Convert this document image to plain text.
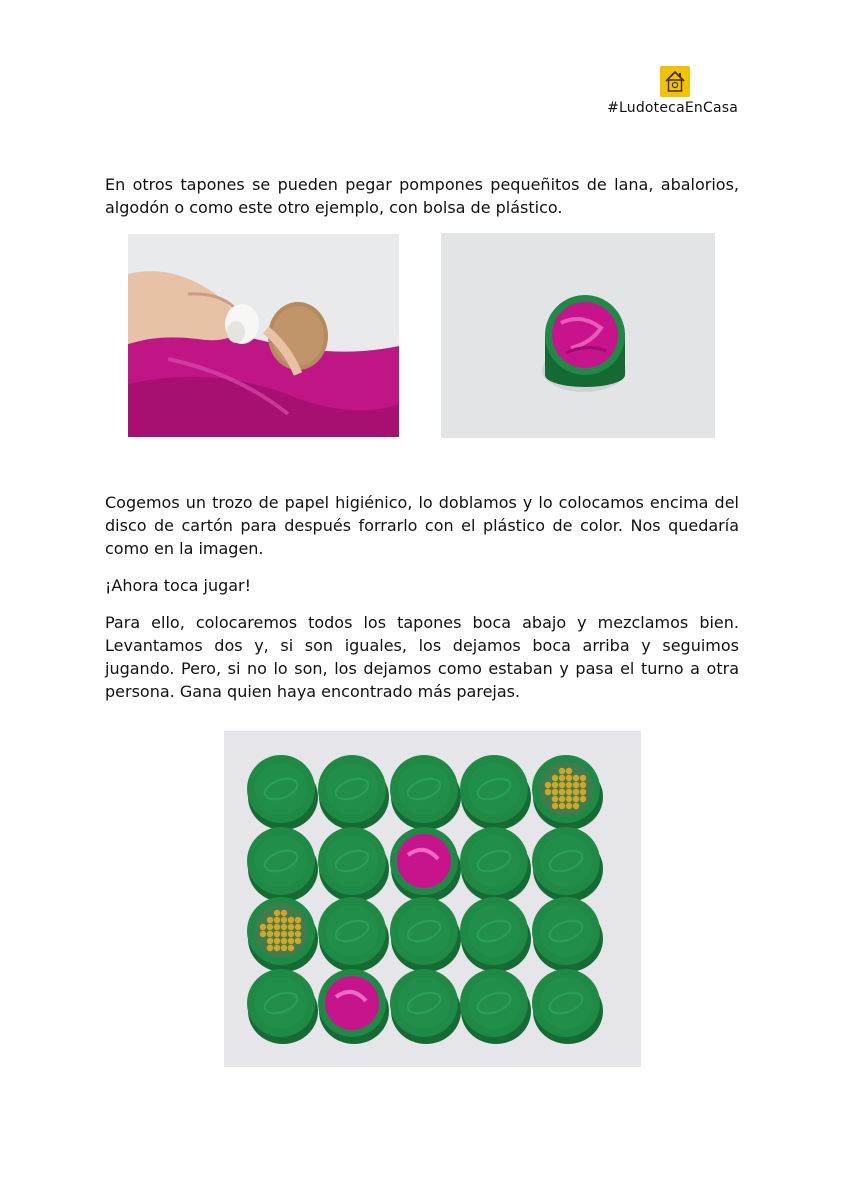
#LudotecaEnCasa

En otros tapones se pueden pegar pompones pequeñitos de lana, abalorios, algodón o como este otro ejemplo, con bolsa de plástico.

Cogemos un trozo de papel higiénico, lo doblamos y lo colocamos encima del disco de cartón para después forrarlo con el plástico de color. Nos quedaría como en la imagen.

¡Ahora toca jugar!

Para ello, colocaremos todos los tapones boca abajo y mezclamos bien. Levantamos dos y, si son iguales, los dejamos boca arriba y seguimos jugando. Pero, si no lo son, los dejamos como estaban y pasa el turno a otra persona. Gana quien haya encontrado más parejas.
